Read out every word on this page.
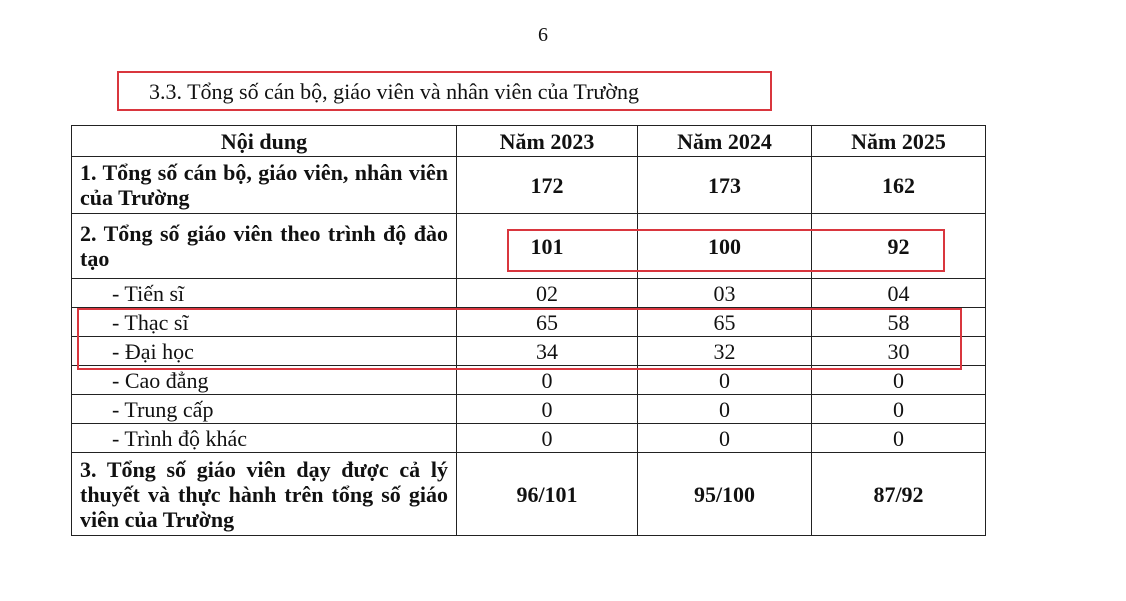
6
3.3. Tổng số cán bộ, giáo viên và nhân viên của Trường
Nội dung	Năm 2023	Năm 2024	Năm 2025
1. Tổng số cán bộ, giáo viên, nhân viên của Trường	172	173	162
2. Tổng số giáo viên theo trình độ đào tạo	101	100	92
- Tiến sĩ	02	03	04
- Thạc sĩ	65	65	58
- Đại học	34	32	30
- Cao đẳng	0	0	0
- Trung cấp	0	0	0
- Trình độ khác	0	0	0
3. Tổng số giáo viên dạy được cả lý thuyết và thực hành trên tổng số giáo viên của Trường	96/101	95/100	87/92
